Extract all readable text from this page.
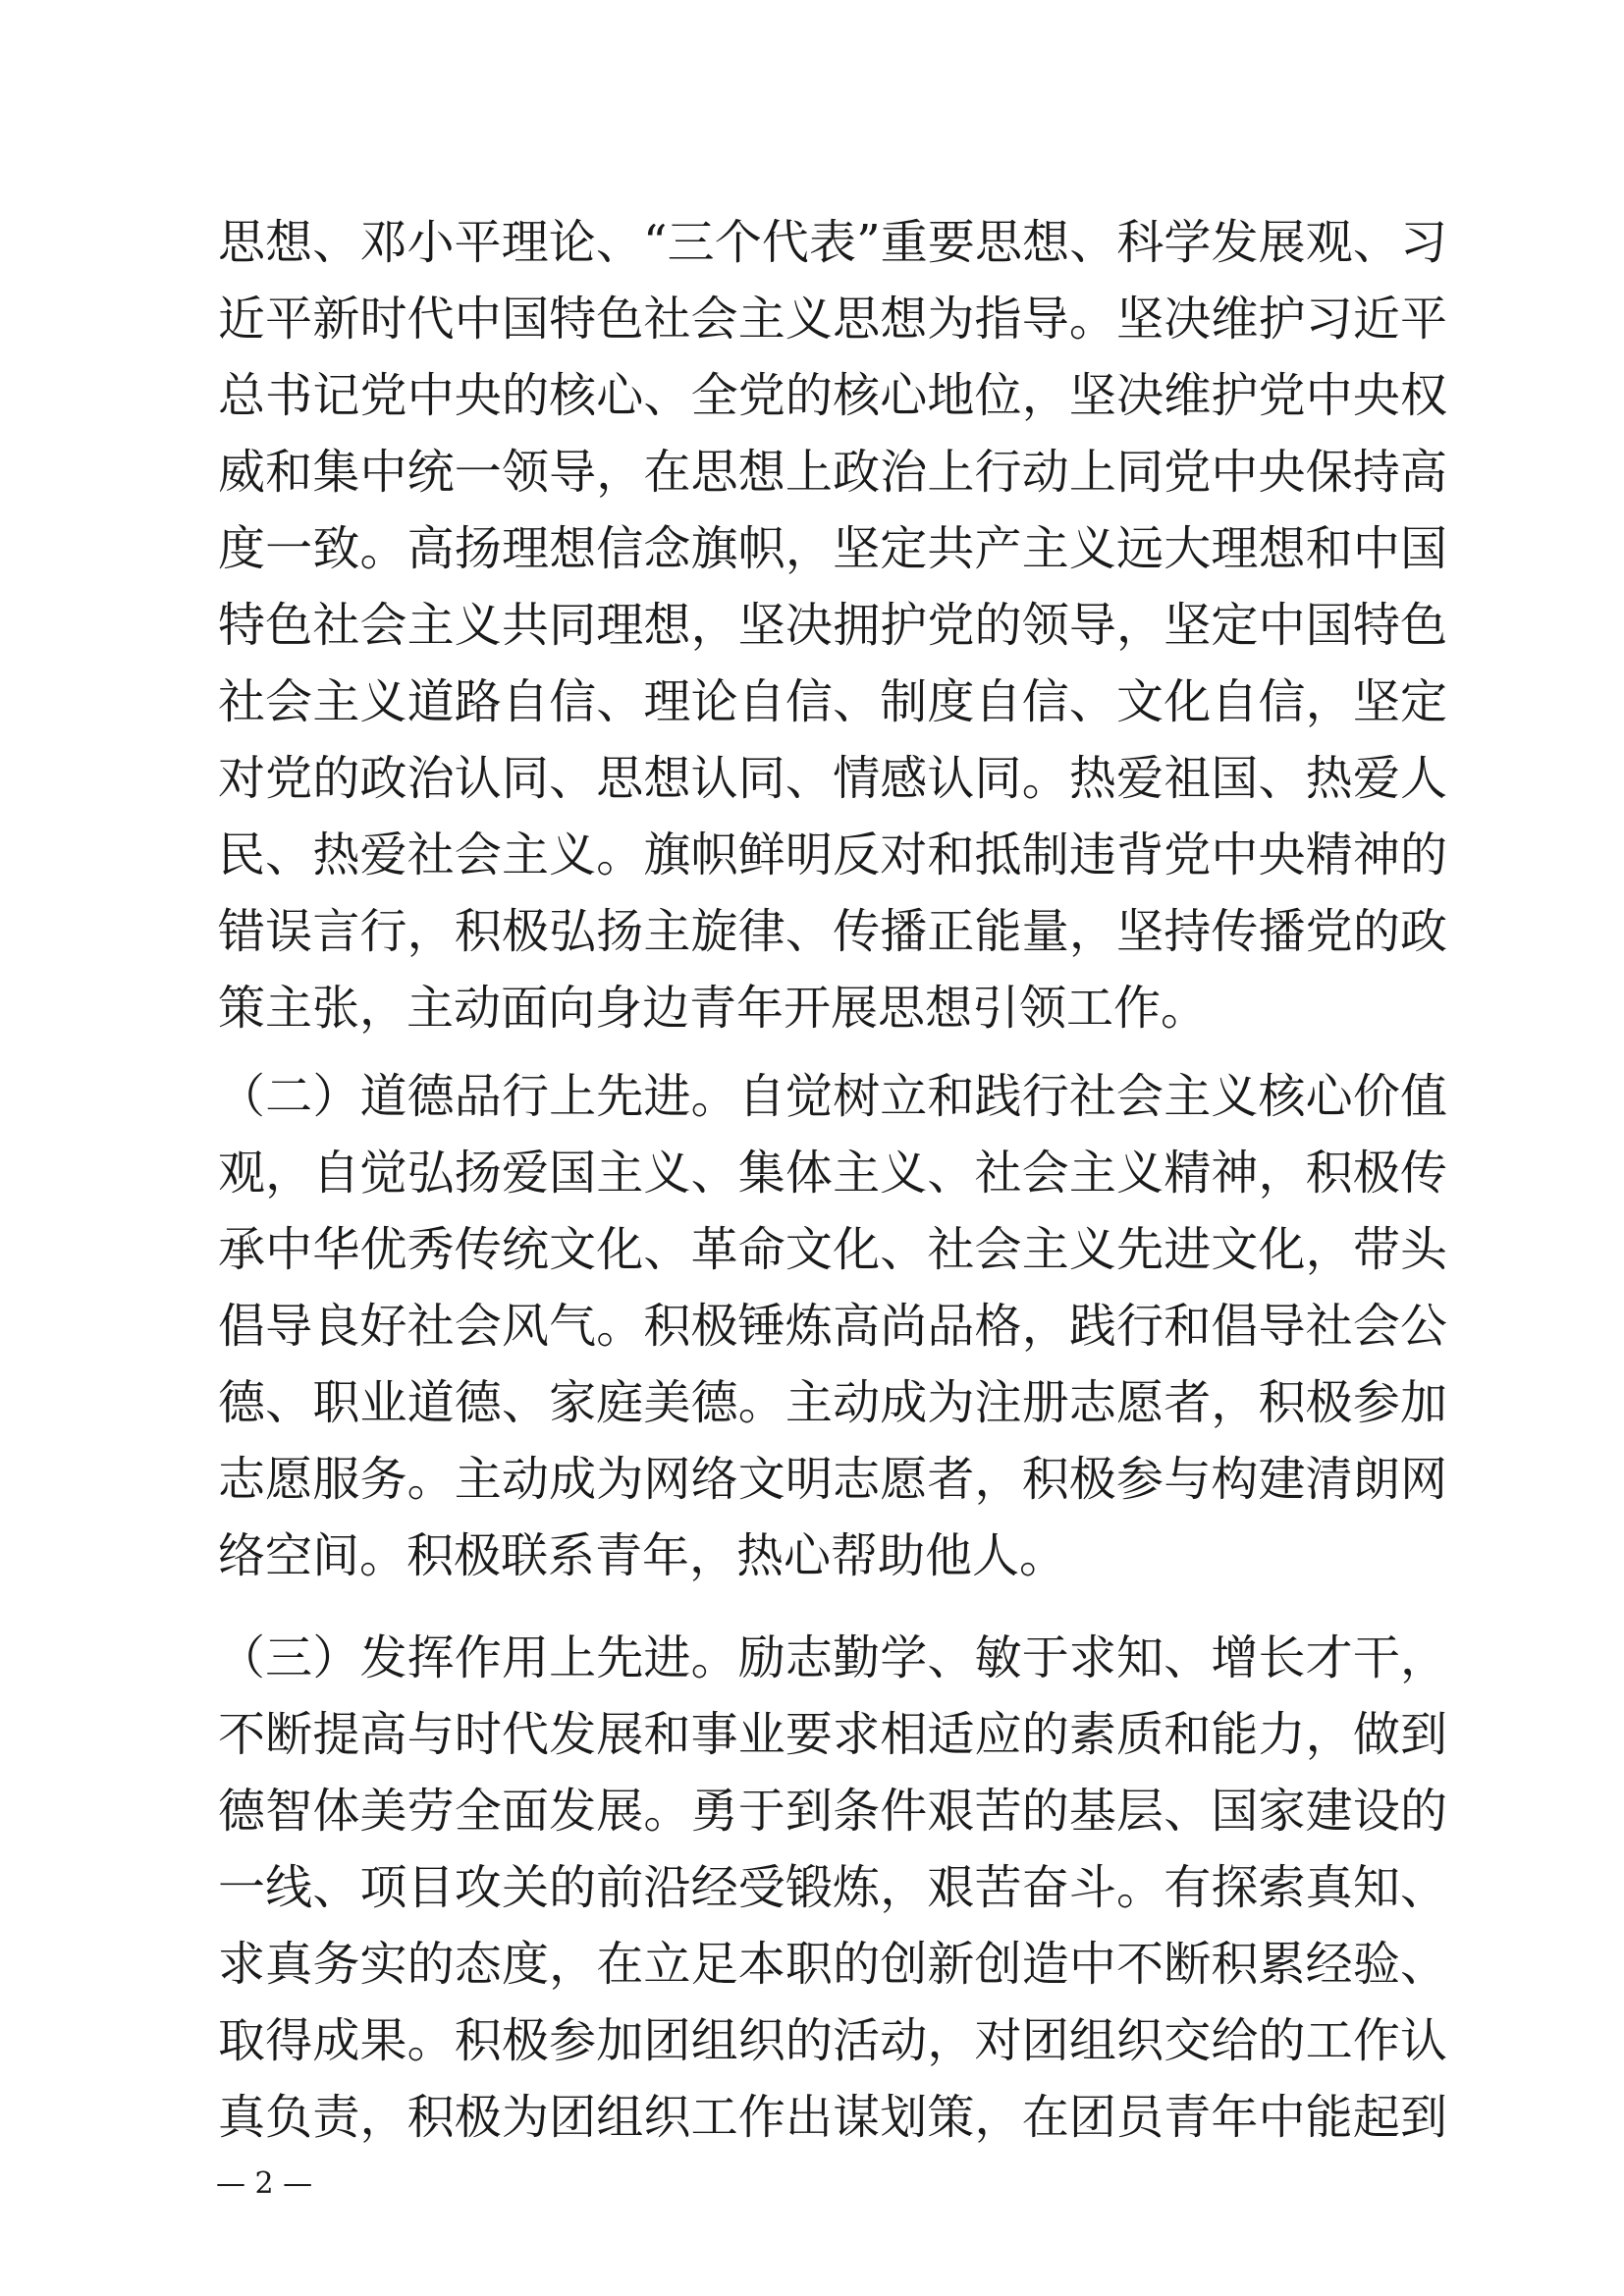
思想、邓小平理论、“三个代表”重要思想、科学发展观、习
近平新时代中国特色社会主义思想为指导。坚决维护习近平
总书记党中央的核心、全党的核心地位，坚决维护党中央权
威和集中统一领导，在思想上政治上行动上同党中央保持高
度一致。高扬理想信念旗帜，坚定共产主义远大理想和中国
特色社会主义共同理想，坚决拥护党的领导，坚定中国特色
社会主义道路自信、理论自信、制度自信、文化自信，坚定
对党的政治认同、思想认同、情感认同。热爱祖国、热爱人
民、热爱社会主义。旗帜鲜明反对和抵制违背党中央精神的
错误言行，积极弘扬主旋律、传播正能量，坚持传播党的政
策主张，主动面向身边青年开展思想引领工作。
（二）道德品行上先进。自觉树立和践行社会主义核心价值
观，自觉弘扬爱国主义、集体主义、社会主义精神，积极传
承中华优秀传统文化、革命文化、社会主义先进文化，带头
倡导良好社会风气。积极锤炼高尚品格，践行和倡导社会公
德、职业道德、家庭美德。主动成为注册志愿者，积极参加
志愿服务。主动成为网络文明志愿者，积极参与构建清朗网
络空间。积极联系青年，热心帮助他人。
（三）发挥作用上先进。励志勤学、敏于求知、增长才干，
不断提高与时代发展和事业要求相适应的素质和能力，做到
德智体美劳全面发展。勇于到条件艰苦的基层、国家建设的
一线、项目攻关的前沿经受锻炼，艰苦奋斗。有探索真知、
求真务实的态度，在立足本职的创新创造中不断积累经验、
取得成果。积极参加团组织的活动，对团组织交给的工作认
真负责，积极为团组织工作出谋划策，在团员青年中能起到
— 2 —
